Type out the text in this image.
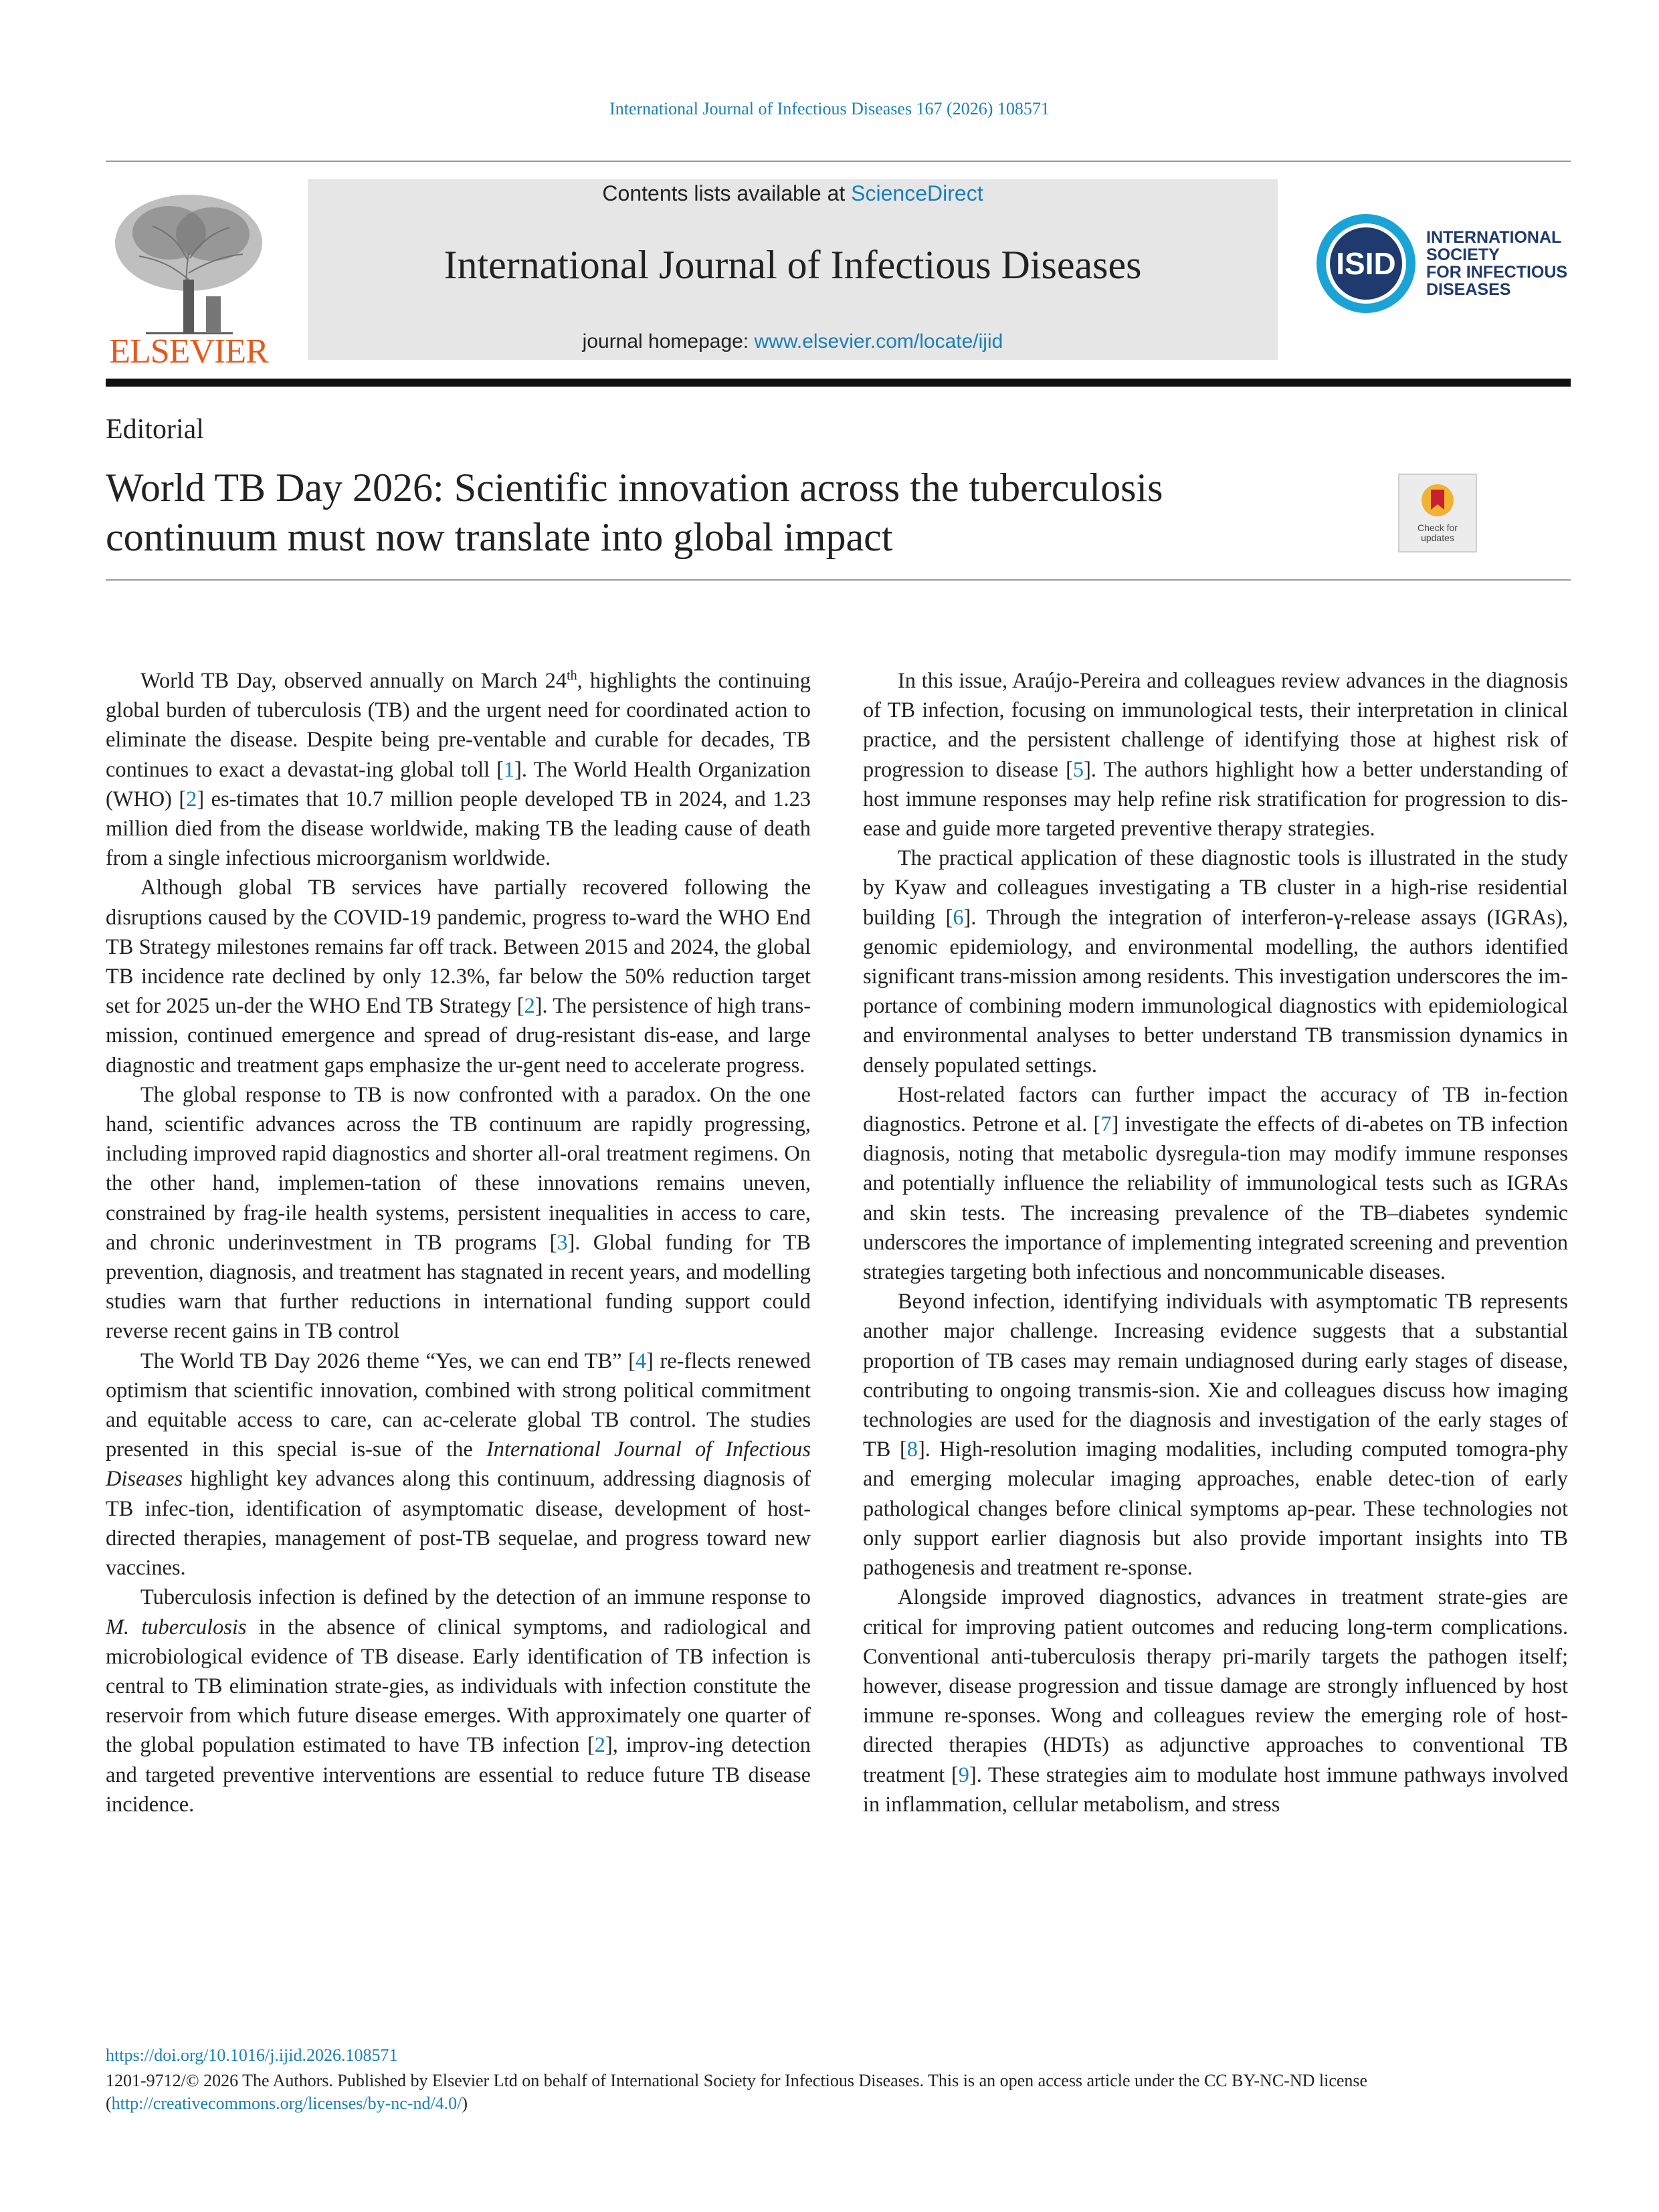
International Journal of Infectious Diseases 167 (2026) 108571
ELSEVIER
Contents lists available at ScienceDirect
International Journal of Infectious Diseases
journal homepage: www.elsevier.com/locate/ijid
ISID
INTERNATIONAL
SOCIETY
FOR INFECTIOUS
DISEASES
Editorial
World TB Day 2026: Scientific innovation across the tuberculosis
continuum must now translate into global impact	Check for
updates

World TB Day, observed annually on March 24th, highlights the continuing global burden of tuberculosis (TB) and the urgent need for coordinated action to eliminate the disease. Despite being pre-ventable and curable for decades, TB continues to exact a devastat-ing global toll [1]. The World Health Organization (WHO) [2] es-timates that 10.7 million people developed TB in 2024, and 1.23 million died from the disease worldwide, making TB the leading cause of death from a single infectious microorganism worldwide.

Although global TB services have partially recovered following the disruptions caused by the COVID-19 pandemic, progress to-ward the WHO End TB Strategy milestones remains far off track. Between 2015 and 2024, the global TB incidence rate declined by only 12.3%, far below the 50% reduction target set for 2025 un-der the WHO End TB Strategy [2]. The persistence of high trans-mission, continued emergence and spread of drug-resistant dis-ease, and large diagnostic and treatment gaps emphasize the ur-gent need to accelerate progress.

The global response to TB is now confronted with a paradox. On the one hand, scientific advances across the TB continuum are rapidly progressing, including improved rapid diagnostics and shorter all-oral treatment regimens. On the other hand, implemen-tation of these innovations remains uneven, constrained by frag-ile health systems, persistent inequalities in access to care, and chronic underinvestment in TB programs [3]. Global funding for TB prevention, diagnosis, and treatment has stagnated in recent years, and modelling studies warn that further reductions in international funding support could reverse recent gains in TB control

The World TB Day 2026 theme “Yes, we can end TB” [4] re-flects renewed optimism that scientific innovation, combined with strong political commitment and equitable access to care, can ac-celerate global TB control. The studies presented in this special is-sue of the International Journal of Infectious Diseases highlight key advances along this continuum, addressing diagnosis of TB infec-tion, identification of asymptomatic disease, development of host-directed therapies, management of post-TB sequelae, and progress toward new vaccines.

Tuberculosis infection is defined by the detection of an immune response to M. tuberculosis in the absence of clinical symptoms, and radiological and microbiological evidence of TB disease. Early identification of TB infection is central to TB elimination strate-gies, as individuals with infection constitute the reservoir from which future disease emerges. With approximately one quarter of the global population estimated to have TB infection [2], improv-ing detection and targeted preventive interventions are essential to reduce future TB disease incidence.

In this issue, Araújo-Pereira and colleagues review advances in the diagnosis of TB infection, focusing on immunological tests, their interpretation in clinical practice, and the persistent challenge of identifying those at highest risk of progression to disease [5]. The authors highlight how a better understanding of host immune responses may help refine risk stratification for progression to dis-ease and guide more targeted preventive therapy strategies.

The practical application of these diagnostic tools is illustrated in the study by Kyaw and colleagues investigating a TB cluster in a high-rise residential building [6]. Through the integration of interferon-γ-release assays (IGRAs), genomic epidemiology, and environmental modelling, the authors identified significant trans-mission among residents. This investigation underscores the im-portance of combining modern immunological diagnostics with epidemiological and environmental analyses to better understand TB transmission dynamics in densely populated settings.

Host-related factors can further impact the accuracy of TB in-fection diagnostics. Petrone et al. [7] investigate the effects of di-abetes on TB infection diagnosis, noting that metabolic dysregula-tion may modify immune responses and potentially influence the reliability of immunological tests such as IGRAs and skin tests. The increasing prevalence of the TB–diabetes syndemic underscores the importance of implementing integrated screening and prevention strategies targeting both infectious and noncommunicable diseases.

Beyond infection, identifying individuals with asymptomatic TB represents another major challenge. Increasing evidence suggests that a substantial proportion of TB cases may remain undiagnosed during early stages of disease, contributing to ongoing transmis-sion. Xie and colleagues discuss how imaging technologies are used for the diagnosis and investigation of the early stages of TB [8]. High-resolution imaging modalities, including computed tomogra-phy and emerging molecular imaging approaches, enable detec-tion of early pathological changes before clinical symptoms ap-pear. These technologies not only support earlier diagnosis but also provide important insights into TB pathogenesis and treatment re-sponse.

Alongside improved diagnostics, advances in treatment strate-gies are critical for improving patient outcomes and reducing long-term complications. Conventional anti-tuberculosis therapy pri-marily targets the pathogen itself; however, disease progression and tissue damage are strongly influenced by host immune re-sponses. Wong and colleagues review the emerging role of host-directed therapies (HDTs) as adjunctive approaches to conventional TB treatment [9]. These strategies aim to modulate host immune pathways involved in inflammation, cellular metabolism, and stress

https://doi.org/10.1016/j.ijid.2026.108571
1201-9712/© 2026 The Authors. Published by Elsevier Ltd on behalf of International Society for Infectious Diseases. This is an open access article under the CC BY-NC-ND license (http://creativecommons.org/licenses/by-nc-nd/4.0/)
